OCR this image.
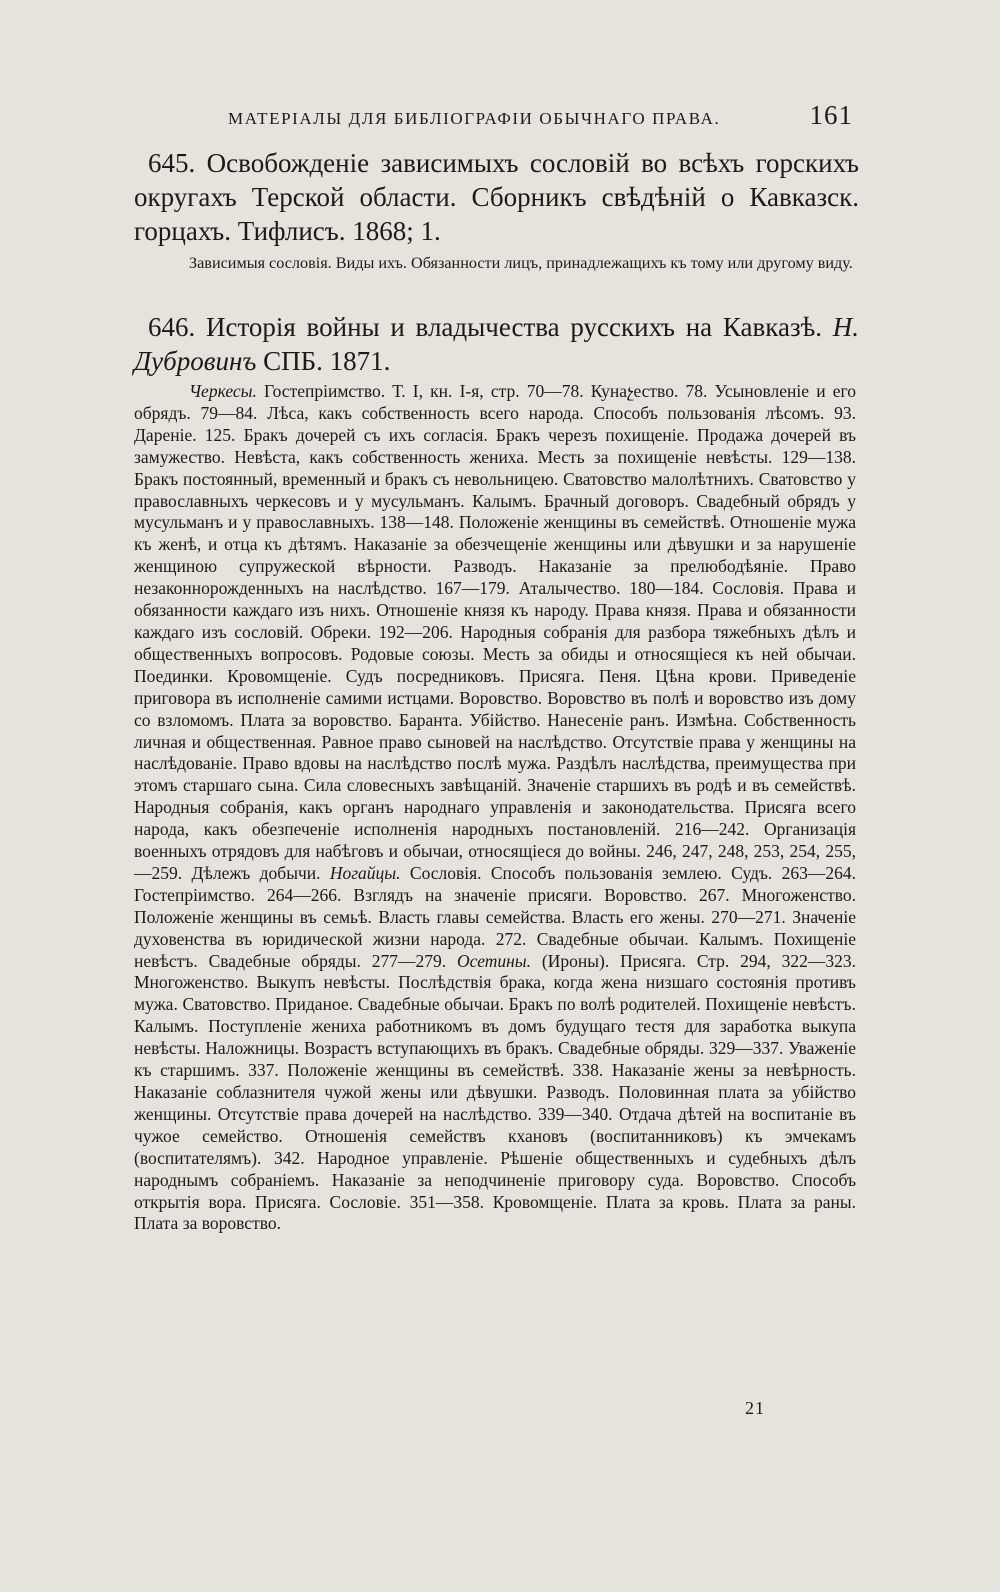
МАТЕРІАЛЫ ДЛЯ БИБЛІОГРАФІИ ОБЫЧНАГО ПРАВА.	161
645. Освобожденіе зависимыхъ сословій во всѣхъ горскихъ округахъ Терской области. Сборникъ свѣдѣній о Кавказск. горцахъ. Тифлисъ. 1868; 1.
Зависимыя сословія. Виды ихъ. Обязанности лицъ, принадлежащихъ къ тому или другому виду.
646. Исторія войны и владычества русскихъ на Кавказѣ. Н. Дубровинъ СПБ. 1871.
Черкесы. Гостепріимство. Т. I, кн. I-я, стр. 70—78. Кунаչество. 78. Усыновленіе и его обрядъ. 79—84. Лѣса, какъ собственность всего народа. Способъ пользованія лѣсомъ. 93. Дареніе. 125. Бракъ дочерей съ ихъ согласія. Бракъ черезъ похищеніе. Продажа дочерей въ замужество. Невѣста, какъ собственность жениха. Месть за похищеніе невѣсты. 129—138. Бракъ постоянный, временный и бракъ съ невольницею. Сватовство малолѣтнихъ. Сватовство у православныхъ черкесовъ и у мусульманъ. Калымъ. Брачный договоръ. Свадебный обрядъ у мусульманъ и у православныхъ. 138—148. Положеніе женщины въ семействѣ. Отношеніе мужа къ женѣ, и отца къ дѣтямъ. Наказаніе за обезчещеніе женщины или дѣвушки и за нарушеніе женщиною супружеской вѣрности. Разводъ. Наказаніе за прелюбодѣяніе. Право незаконнорожденныхъ на наслѣдство. 167—179. Аталычество. 180—184. Сословія. Права и обязанности каждаго изъ нихъ. Отношеніе князя къ народу. Права князя. Права и обязанности каждаго изъ сословій. Обреки. 192—206. Народныя собранія для разбора тяжебныхъ дѣлъ и общественныхъ вопросовъ. Родовые союзы. Месть за обиды и относящіеся къ ней обычаи. Поединки. Кровомщеніе. Судъ посредниковъ. Присяга. Пеня. Цѣна крови. Приведеніе приговора въ исполненіе самими истцами. Воровство. Воровство въ полѣ и воровство изъ дому со взломомъ. Плата за воровство. Баранта. Убійство. Нанесеніе ранъ. Измѣна. Собственность личная и общественная. Равное право сыновей на наслѣдство. Отсутствіе права у женщины на наслѣдованіе. Право вдовы на наслѣдство послѣ мужа. Раздѣлъ наслѣдства, преимущества при этомъ старшаго сына. Сила словесныхъ завѣщаній. Значеніе старшихъ въ родѣ и въ семействѣ. Народныя собранія, какъ органъ народнаго управленія и законодательства. Присяга всего народа, какъ обезпеченіе исполненія народныхъ постановленій. 216—242. Организація военныхъ отрядовъ для набѣговъ и обычаи, относящіеся до войны. 246, 247, 248, 253, 254, 255,—259. Дѣлежъ добычи. Ногайцы. Сословія. Способъ пользованія землею. Судъ. 263—264. Гостепріимство. 264—266. Взглядъ на значеніе присяги. Воровство. 267. Многоженство. Положеніе женщины въ семьѣ. Власть главы семейства. Власть его жены. 270—271. Значеніе духовенства въ юридической жизни народа. 272. Свадебные обычаи. Калымъ. Похищеніе невѣстъ. Свадебные обряды. 277—279. Осетины. (Ироны). Присяга. Стр. 294, 322—323. Многоженство. Выкупъ невѣсты. Послѣдствія брака, когда жена низшаго состоянія противъ мужа. Сватовство. Приданое. Свадебные обычаи. Бракъ по волѣ родителей. Похищеніе невѣстъ. Калымъ. Поступленіе жениха работникомъ въ домъ будущаго тестя для заработка выкупа невѣсты. Наложницы. Возрастъ вступающихъ въ бракъ. Свадебные обряды. 329—337. Уваженіе къ старшимъ. 337. Положеніе женщины въ семействѣ. 338. Наказаніе жены за невѣрность. Наказаніе соблазнителя чужой жены или дѣвушки. Разводъ. Половинная плата за убійство женщины. Отсутствіе права дочерей на наслѣдство. 339—340. Отдача дѣтей на воспитаніе въ чужое семейство. Отношенія семействъ кхановъ (воспитанниковъ) къ эмчекамъ (воспитателямъ). 342. Народное управленіе. Рѣшеніе общественныхъ и судебныхъ дѣлъ народнымъ собраніемъ. Наказаніе за неподчиненіе приговору суда. Воровство. Способъ открытія вора. Присяга. Сословіе. 351—358. Кровомщеніе. Плата за кровь. Плата за раны. Плата за воровство.
21
